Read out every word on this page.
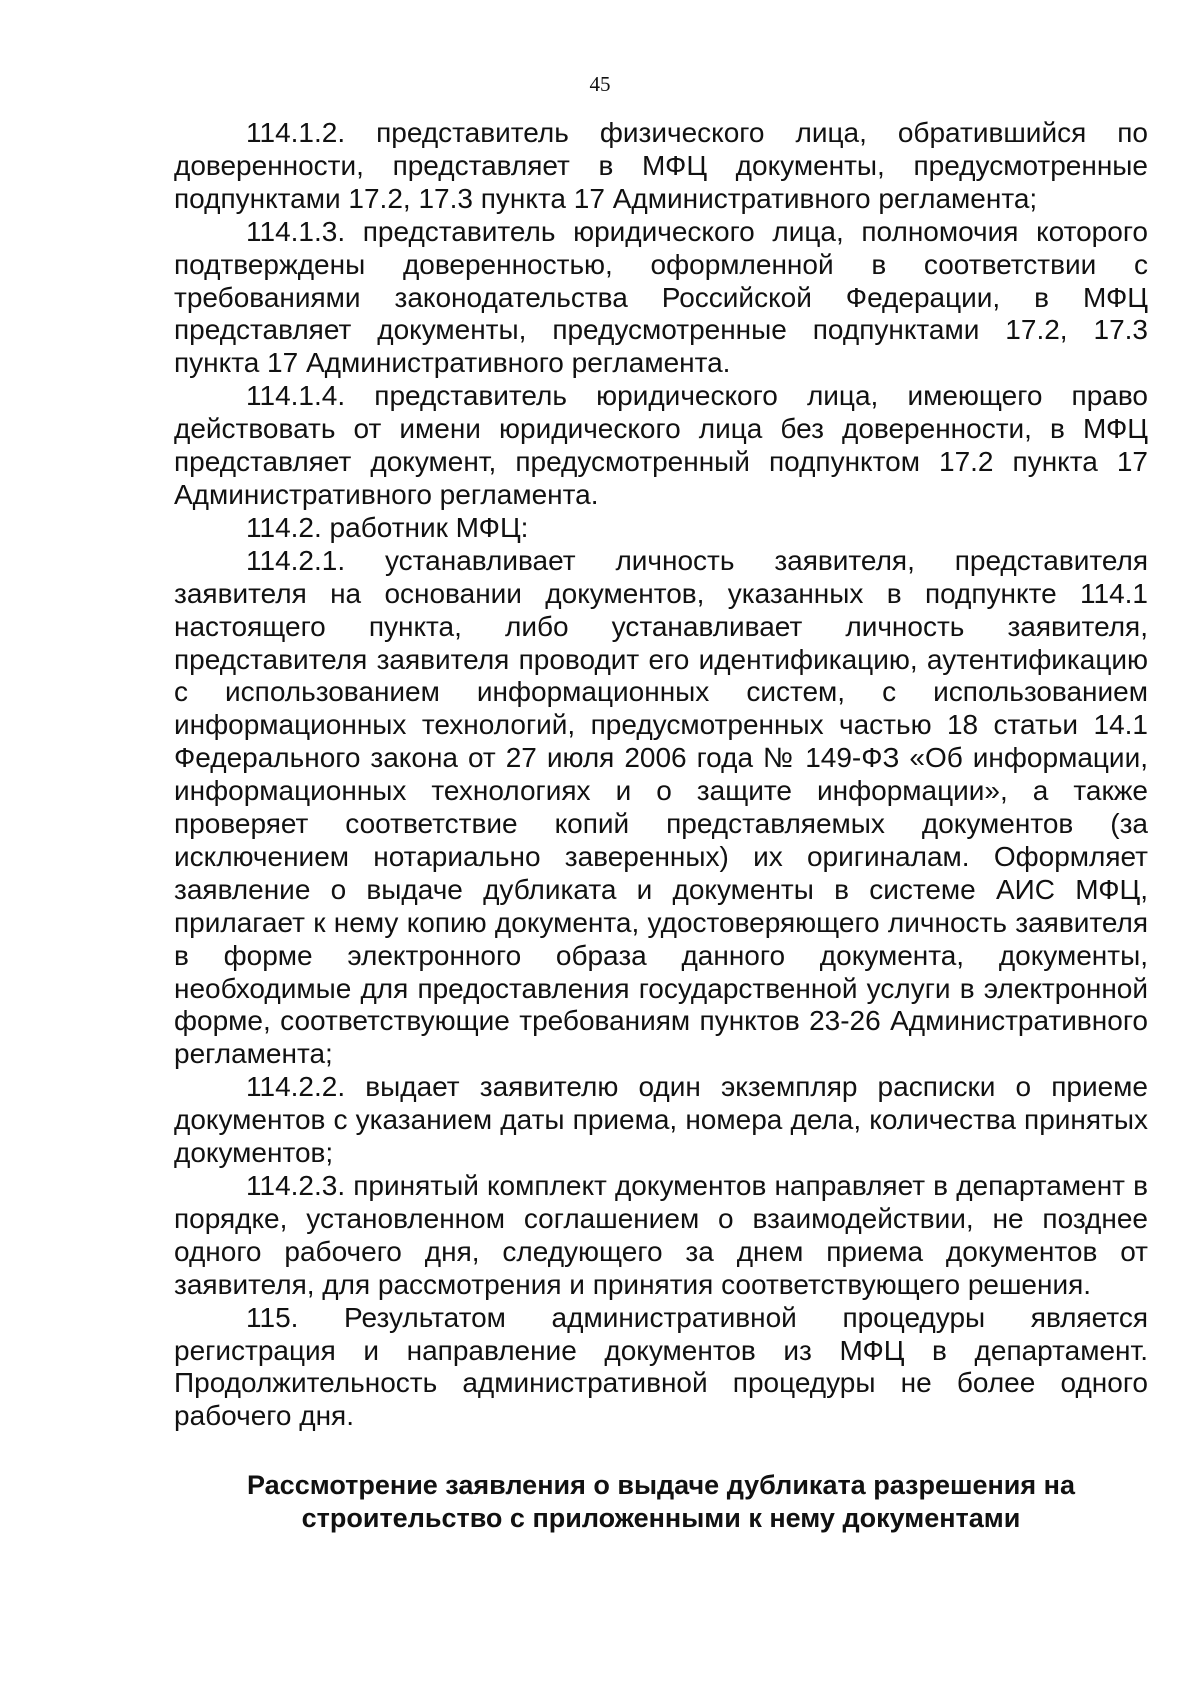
45

114.1.2. представитель физического лица, обратившийся по доверенности, представляет в МФЦ документы, предусмотренные подпунктами 17.2, 17.3 пункта 17 Административного регламента;

114.1.3. представитель юридического лица, полномочия которого подтверждены доверенностью, оформленной в соответствии с требованиями законодательства Российской Федерации, в МФЦ представляет документы, предусмотренные подпунктами 17.2, 17.3 пункта 17 Административного регламента.

114.1.4. представитель юридического лица, имеющего право действовать от имени юридического лица без доверенности, в МФЦ представляет документ, предусмотренный подпунктом 17.2 пункта 17 Административного регламента.

114.2. работник МФЦ:

114.2.1. устанавливает личность заявителя, представителя заявителя на основании документов, указанных в подпункте 114.1 настоящего пункта, либо устанавливает личность заявителя, представителя заявителя проводит его идентификацию, аутентификацию с использованием информационных систем, с использованием информационных технологий, предусмотренных частью 18 статьи 14.1 Федерального закона от 27 июля 2006 года № 149-ФЗ «Об информации, информационных технологиях и о защите информации», а также проверяет соответствие копий представляемых документов (за исключением нотариально заверенных) их оригиналам. Оформляет заявление о выдаче дубликата и документы в системе АИС МФЦ, прилагает к нему копию документа, удостоверяющего личность заявителя в форме электронного образа данного документа, документы, необходимые для предоставления государственной услуги в электронной форме, соответствующие требованиям пунктов 23-26 Административного регламента;

114.2.2. выдает заявителю один экземпляр расписки о приеме документов с указанием даты приема, номера дела, количества принятых документов;

114.2.3. принятый комплект документов направляет в департамент в порядке, установленном соглашением о взаимодействии, не позднее одного рабочего дня, следующего за днем приема документов от заявителя, для рассмотрения и принятия соответствующего решения.

115. Результатом административной процедуры является регистрация и направление документов из МФЦ в департамент. Продолжительность административной процедуры не более одного рабочего дня.

Рассмотрение заявления о выдаче дубликата разрешения на строительство с приложенными к нему документами
